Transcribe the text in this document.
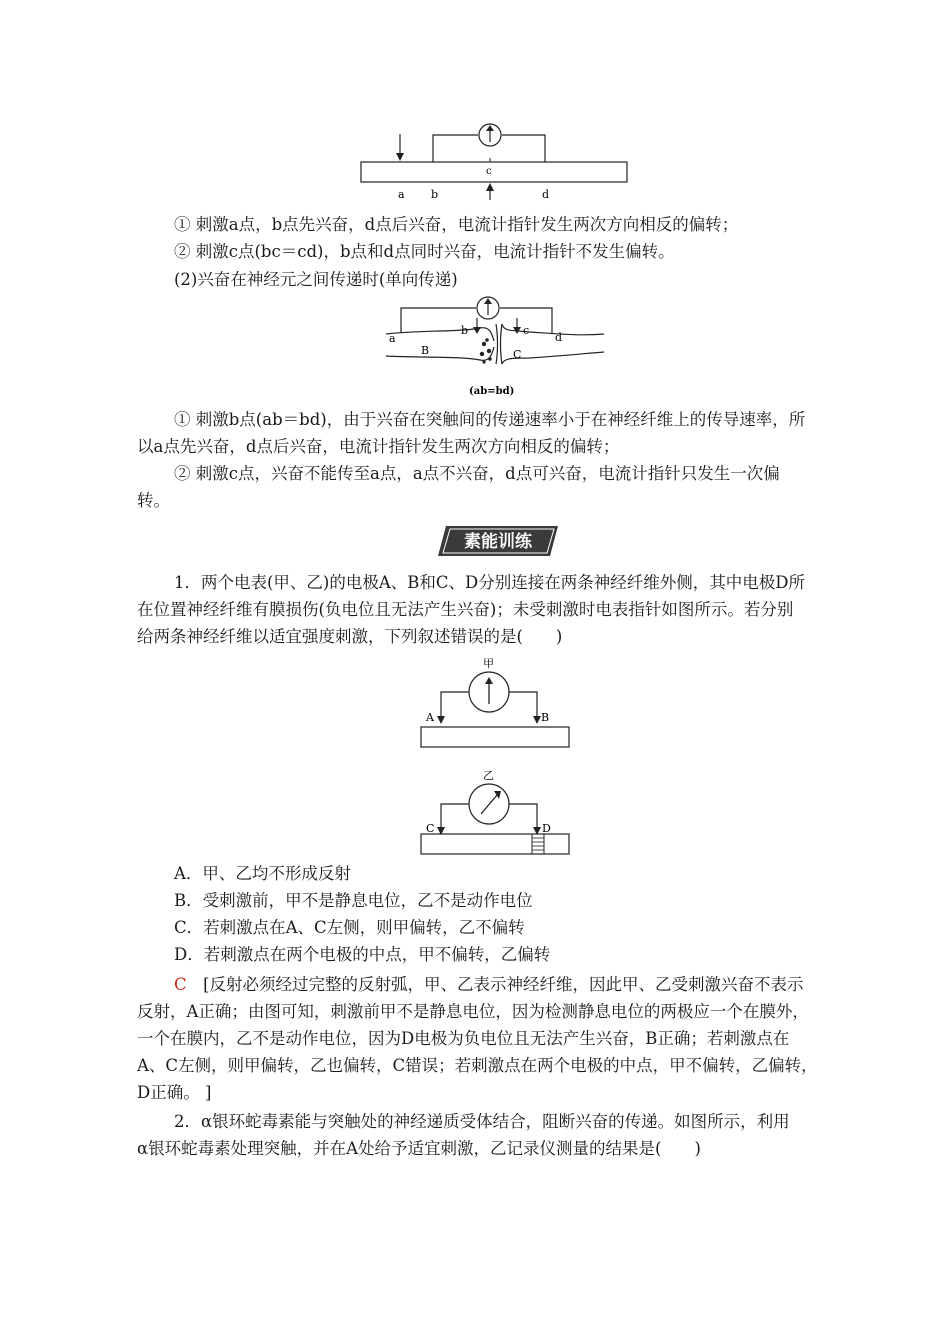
c
a b	d
① 刺激a点，b点先兴奋，d点后兴奋，电流计指针发生两次方向相反的偏转；
② 刺激c点(bc＝cd)，b点和d点同时兴奋，电流计指针不发生偏转。
(2)兴奋在神经元之间传递时(单向传递)
a
b	c
d
B	C
(ab=bd)
① 刺激b点(ab＝bd)，由于兴奋在突触间的传递速率小于在神经纤维上的传导速率，所
以a点先兴奋，d点后兴奋，电流计指针发生两次方向相反的偏转；
② 刺激c点，兴奋不能传至a点，a点不兴奋，d点可兴奋，电流计指针只发生一次偏
转。
素能训练
1．两个电表(甲、乙)的电极A、B和C、D分别连接在两条神经纤维外侧，其中电极D所
在位置神经纤维有膜损伤(负电位且无法产生兴奋)；未受刺激时电表指针如图所示。若分别
给两条神经纤维以适宜强度刺激，下列叙述错误的是(　　)
甲
A	B
乙
C	D
A．甲、乙均不形成反射
B．受刺激前，甲不是静息电位，乙不是动作电位
C．若刺激点在A、C左侧，则甲偏转，乙不偏转
D．若刺激点在两个电极的中点，甲不偏转，乙偏转
C　 [反射必须经过完整的反射弧，甲、乙表示神经纤维，因此甲、乙受刺激兴奋不表示
反射，A正确；由图可知，刺激前甲不是静息电位，因为检测静息电位的两极应一个在膜外，
一个在膜内，乙不是动作电位，因为D电极为负电位且无法产生兴奋，B正确；若刺激点在
A、C左侧，则甲偏转，乙也偏转，C错误；若刺激点在两个电极的中点，甲不偏转，乙偏转，
D正确。 ]
2．α银环蛇毒素能与突触处的神经递质受体结合，阻断兴奋的传递。如图所示，利用
α银环蛇毒素处理突触，并在A处给予适宜刺激，乙记录仪测量的结果是(　　)
